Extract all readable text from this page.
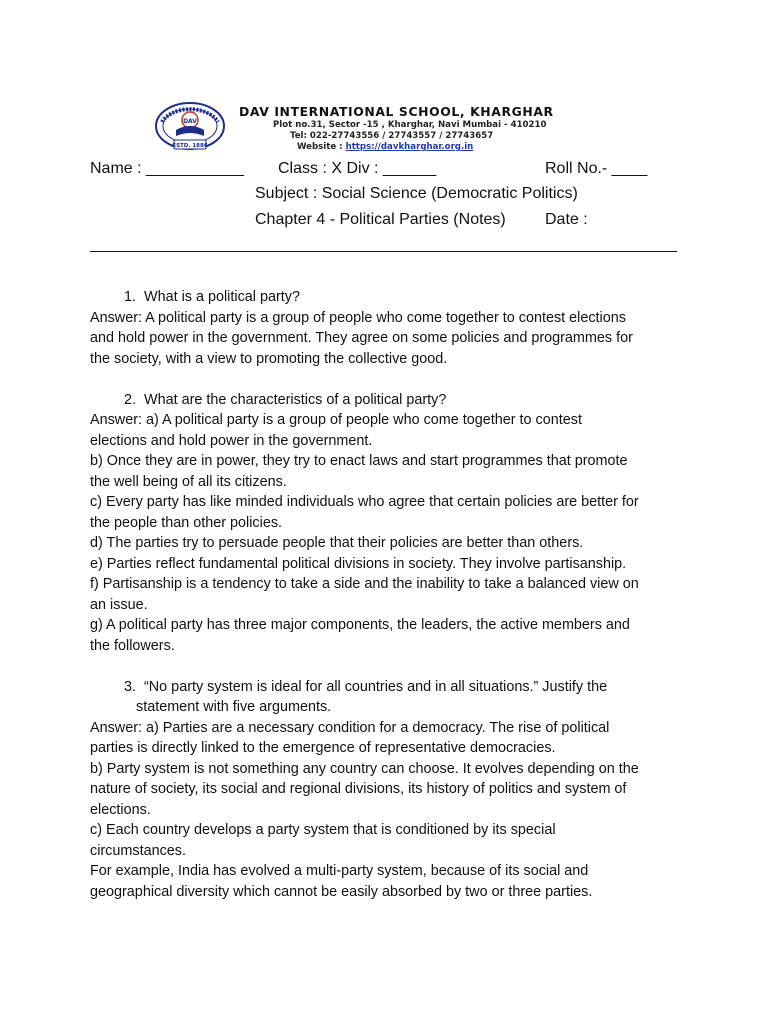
DAV
ESTD. 1886
DAV INTERNATIONAL SCHOOL, KHARGHAR
Plot no.31, Sector -15 , Kharghar, Navi Mumbai - 410210
Tel: 022-27743556 / 27743557 / 27743657
Website : https://davkharghar.org.in
Name : ___________ Class : X Div : ______	Roll No.- ____
Subject : Social Science (Democratic Politics)
Chapter 4 - Political Parties (Notes) Date :
1. What is a political party?
Answer: A political party is a group of people who come together to contest elections
and hold power in the government. They agree on some policies and programmes for
the society, with a view to promoting the collective good.
2. What are the characteristics of a political party?
Answer: a) A political party is a group of people who come together to contest
elections and hold power in the government.
b) Once they are in power, they try to enact laws and start programmes that promote
the well being of all its citizens.
c) Every party has like minded individuals who agree that certain policies are better for
the people than other policies.
d) The parties try to persuade people that their policies are better than others.
e) Parties reflect fundamental political divisions in society. They involve partisanship.
f) Partisanship is a tendency to take a side and the inability to take a balanced view on
an issue.
g) A political party has three major components, the leaders, the active members and
the followers.
3. “No party system is ideal for all countries and in all situations.” Justify the
statement with five arguments.
Answer: a) Parties are a necessary condition for a democracy. The rise of political
parties is directly linked to the emergence of representative democracies.
b) Party system is not something any country can choose. It evolves depending on the
nature of society, its social and regional divisions, its history of politics and system of
elections.
c) Each country develops a party system that is conditioned by its special
circumstances.
For example, India has evolved a multi-party system, because of its social and
geographical diversity which cannot be easily absorbed by two or three parties.
